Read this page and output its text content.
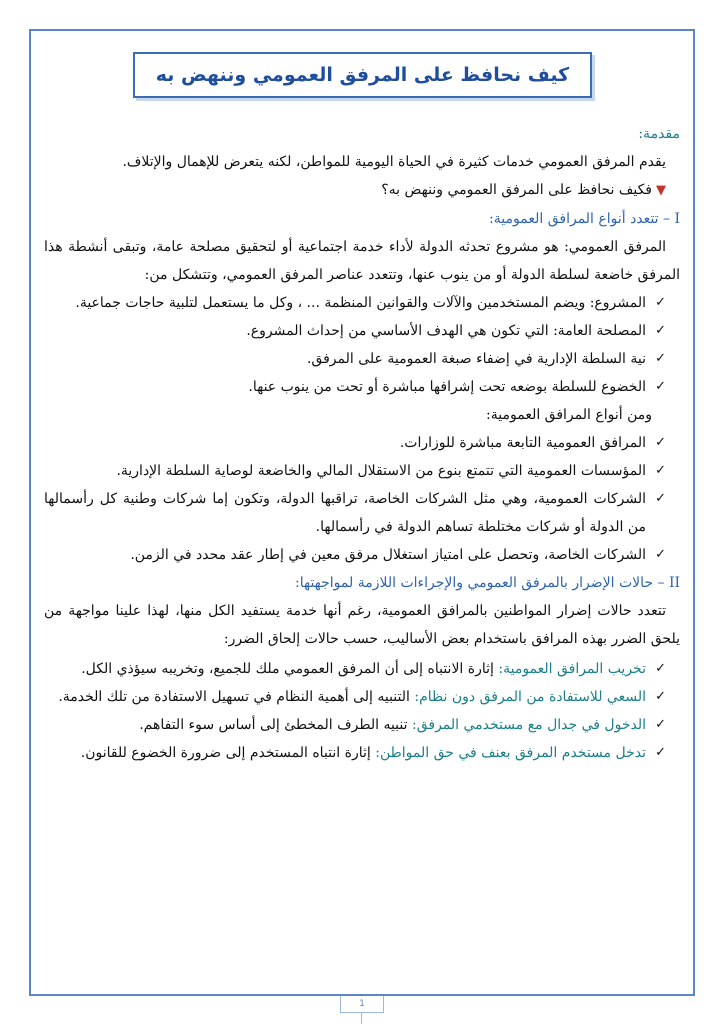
كيف نحافظ على المرفق العمومي وننهض به

مقدمة:

يقدم المرفق العمومي خدمات كثيرة في الحياة اليومية للمواطن، لكنه يتعرض للإهمال والإتلاف.

▼فكيف نحافظ على المرفق العمومي وننهض به؟

I – تتعدد أنواع المرافق العمومية:

المرفق العمومي: هو مشروع تحدثه الدولة لأداء خدمة اجتماعية أو لتحقيق مصلحة عامة، وتبقى أنشطة هذا المرفق خاضعة لسلطة الدولة أو من ينوب عنها، وتتعدد عناصر المرفق العمومي، وتتشكل من:

✓
المشروع: ويضم المستخدمين والآلات والقوانين المنظمة ... ، وكل ما يستعمل لتلبية حاجات جماعية.
✓
المصلحة العامة: التي تكون هي الهدف الأساسي من إحداث المشروع.
✓
نية السلطة الإدارية في إضفاء صبغة العمومية على المرفق.
✓
الخضوع للسلطة بوضعه تحت إشرافها مباشرة أو تحت من ينوب عنها.

ومن أنواع المرافق العمومية:

✓
المرافق العمومية التابعة مباشرة للوزارات.
✓
المؤسسات العمومية التي تتمتع بنوع من الاستقلال المالي والخاضعة لوصاية السلطة الإدارية.
✓
الشركات العمومية، وهي مثل الشركات الخاصة، تراقبها الدولة، وتكون إما شركات وطنية كل رأسمالها من الدولة أو شركات مختلطة تساهم الدولة في رأسمالها.
✓
الشركات الخاصة، وتحصل على امتياز استغلال مرفق معين في إطار عقد محدد في الزمن.

II – حالات الإضرار بالمرفق العمومي والإجراءات اللازمة لمواجهتها:

تتعدد حالات إضرار المواطنين بالمرافق العمومية، رغم أنها خدمة يستفيد الكل منها، لهذا علينا مواجهة من يلحق الضرر بهذه المرافق باستخدام بعض الأساليب، حسب حالات إلحاق الضرر:

✓
تخريب المرافق العمومية: إثارة الانتباه إلى أن المرفق العمومي ملك للجميع، وتخريبه سيؤذي الكل.
✓
السعي للاستفادة من المرفق دون نظام: التنبيه إلى أهمية النظام في تسهيل الاستفادة من تلك الخدمة.
✓
الدخول في جدال مع مستخدمي المرفق: تنبيه الطرف المخطئ إلى أساس سوء التفاهم.
✓
تدخل مستخدم المرفق بعنف في حق المواطن: إثارة انتباه المستخدم إلى ضرورة الخضوع للقانون.
1
